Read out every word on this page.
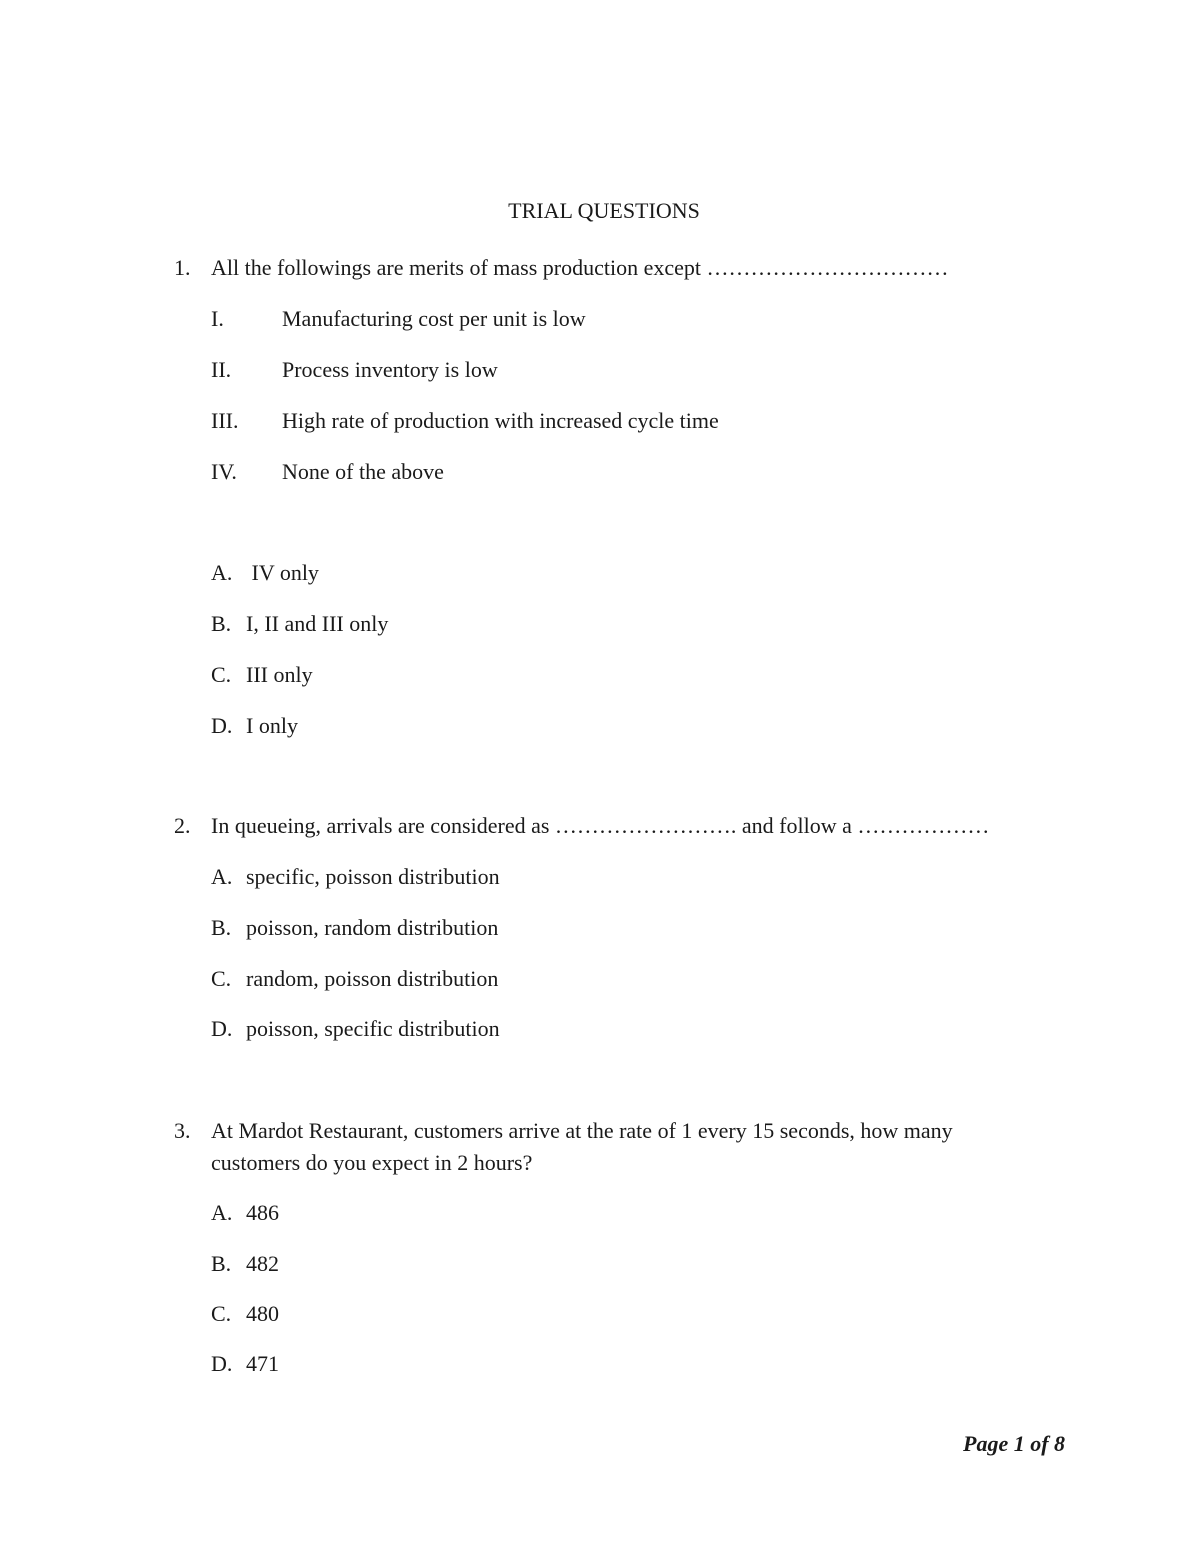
TRIAL QUESTIONS
1. All the followings are merits of mass production except ……………………………
I.	Manufacturing cost per unit is low
II. Process inventory is low
III. High rate of production with increased cycle time
IV. None of the above
A. IV only
B. I, II and III only
C. III only
D. I only
2. In queueing, arrivals are considered as ……………………. and follow a ………………
A. specific, poisson distribution
B. poisson, random distribution
C. random, poisson distribution
D. poisson, specific distribution
3. At Mardot Restaurant, customers arrive at the rate of 1 every 15 seconds, how many
customers do you expect in 2 hours?
A. 486
B. 482
C. 480
D. 471
Page 1 of 8
